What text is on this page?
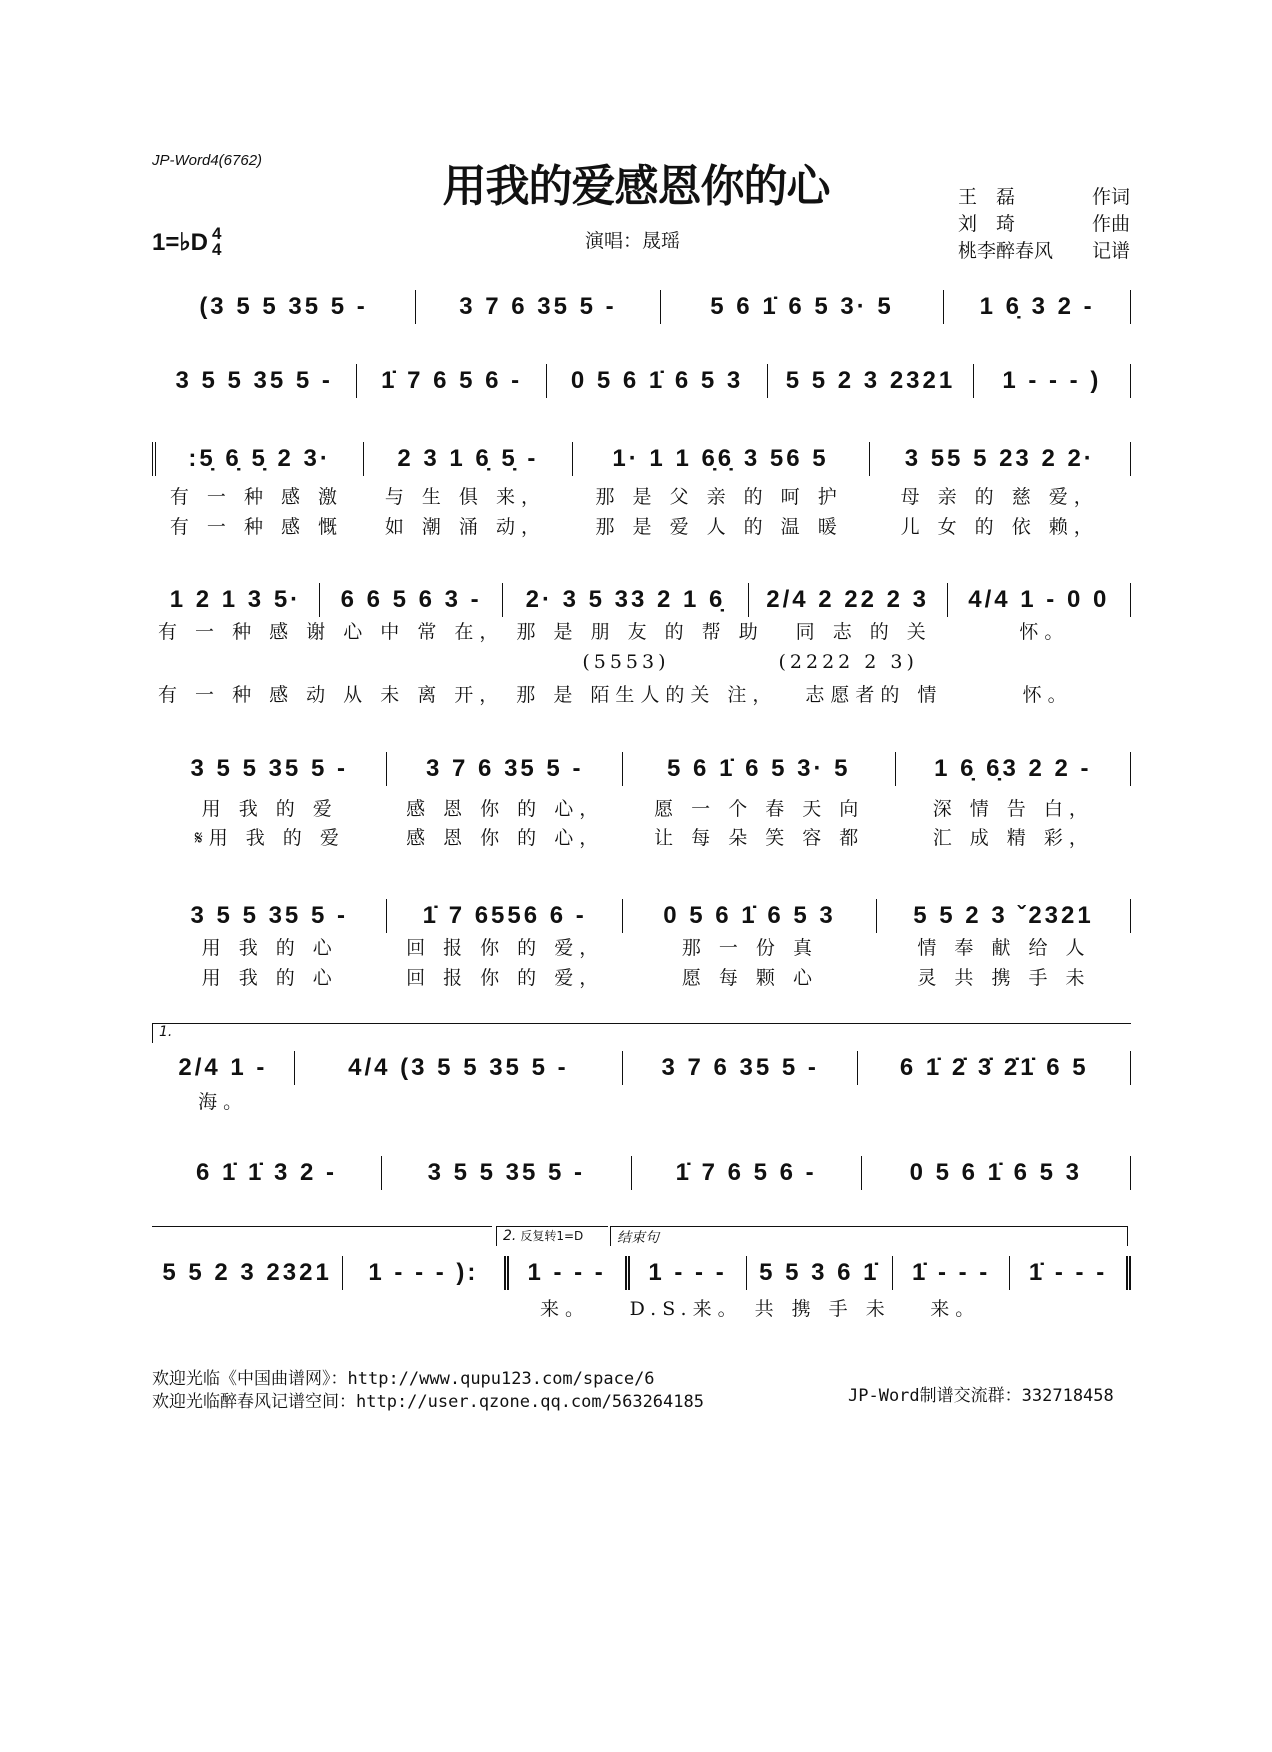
JP-Word4(6762)
用我的爱感恩你的心	王　磊	作词
刘　琦	作曲
桃李醉春风 记谱
1=♭D 4
4	演唱：晟瑶
(3 5 5 35 5 -	3 7 6 35 5 -	5 6 1̇ 6 5 3· 5	1 6̣ 3 2 -
3 5 5 35 5 -	1̇ 7 6 5 6 -	0 5 6 1̇ 6 5 3	5 5 2 3 2321	1 - - - )
:5̣ 6̣ 5̣ 2 3·	2 3 1 6̣ 5̣ -	1· 1 1 6̣6̣ 3 56 5	3 55 5 23 2 2·
有 一 种 感 激	与 生 俱 来，	那 是 父 亲 的 呵 护	母 亲 的 慈 爱，
有 一 种 感 慨	如 潮 涌 动，	那 是 爱 人 的 温 暖	儿 女 的 依 赖，
1 2 1 3 5·	6 6 5 6 3 -	2· 3 5 33 2 1 6̣	2/4 2 22 2 3	4/4 1 - 0 0
有 一 种 感 谢 心 中 常 在， 那 是 朋 友 的 帮 助	同 志 的 关	怀。
(5553)	(2222 2 3)
有 一 种 感 动 从 未 离 开， 那 是 陌生人的关 注，	志愿者的 情	怀。
3 5 5 35 5 -	3 7 6 35 5 -	5 6 1̇ 6 5 3· 5	1 6̣ 6̣3 2 2 -
用 我 的 爱	感 恩 你 的 心，	愿 一 个 春 天 向	深 情 告 白，
𝄋用 我 的 爱	感 恩 你 的 心，	让 每 朵 笑 容 都	汇 成 精 彩，
3 5 5 35 5 -	1̇ 7 6556 6 -	0 5 6 1̇ 6 5 3	5 5 2 3 ˇ2321
用 我 的 心	回 报 你 的 爱，	那 一 份 真	情 奉 献 给 人
用 我 的 心	回 报 你 的 爱，	愿 每 颗 心	灵 共 携 手 未
2/4 1 -	4/4 (3 5 5 35 5 -	3 7 6 35 5 -	6 1̇ 2̇ 3̇ 2̇1̇ 6 5
海。
1.
6 1̇ 1̇ 3 2 -	3 5 5 35 5 -	1̇ 7 6 5 6 -	0 5 6 1̇ 6 5 3
5 5 2 3 2321	1 - - - ):	1 - - -	1 - - -	5 5 3 6 1̇	1̇ - - -	1̇ - - -
来。	D.S.来。 共 携 手 未	来。
2. 反复转1=D	结束句
欢迎光临《中国曲谱网》：http://www.qupu123.com/space/6
欢迎光临醉春风记谱空间：http://user.qzone.qq.com/563264185	JP-Word制谱交流群：332718458
